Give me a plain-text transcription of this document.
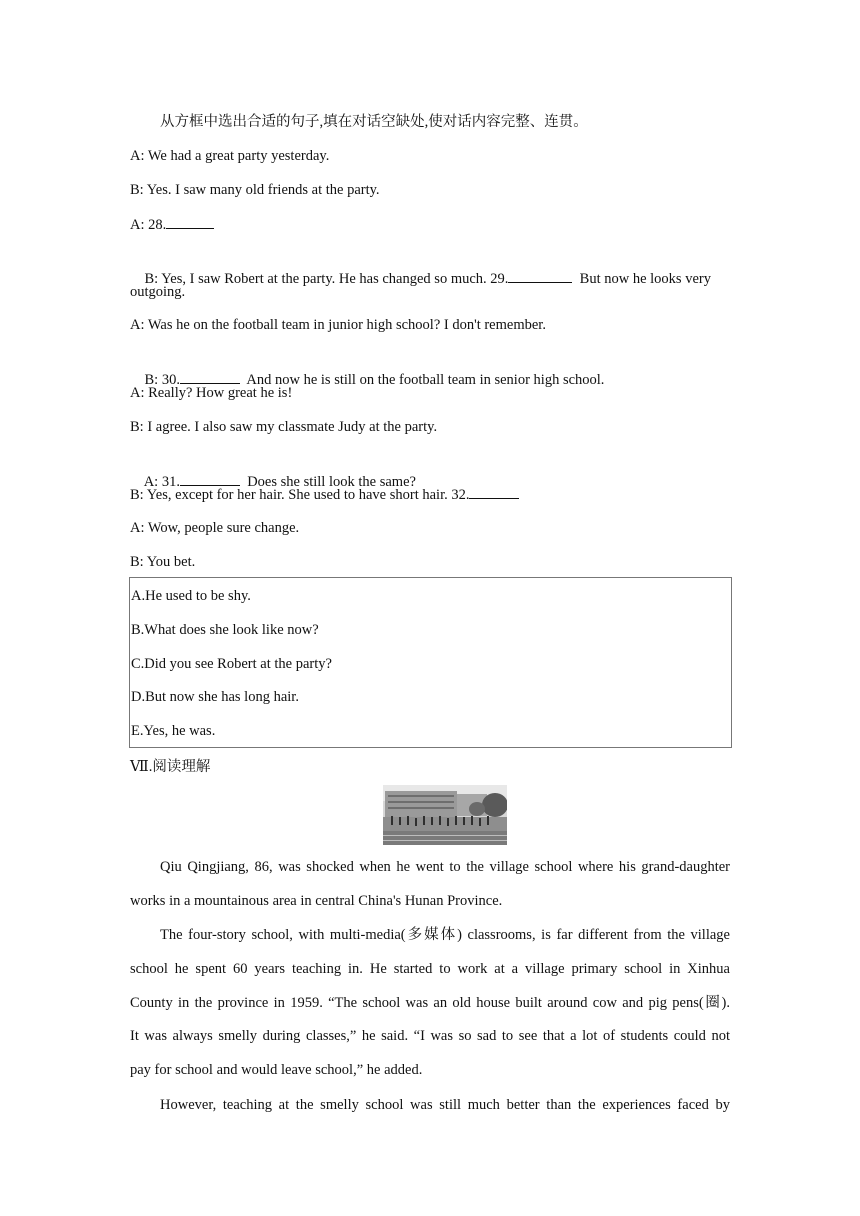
从方框中选出合适的句子,填在对话空缺处,使对话内容完整、连贯。
A: We had a great party yesterday.
B: Yes. I saw many old friends at the party.
A: 28.

B: Yes, I saw Robert at the party. He has changed so much. 29.	But now he looks very

outgoing.
A: Was he on the football team in junior high school? I don't remember.

B: 30.	And now he is still on the football team in senior high school.

A: Really? How great he is!
B: I agree. I also saw my classmate Judy at the party.

A: 31.	Does she still look the same?

B: Yes, except for her hair. She used to have short hair. 32.
A: Wow, people sure change.
B: You bet.
A.He used to be shy.
B.What does she look like now?
C.Did you see Robert at the party?
D.But now she has long hair.
E.Yes, he was.
Ⅶ.阅读理解
Qiu Qingjiang, 86, was shocked when he went to the village school where his grand-daughter
works in a mountainous area in central China's Hunan Province.
The four-story school, with multi-media(多媒体) classrooms, is far different from the village
school he spent 60 years teaching in. He started to work at a village primary school in Xinhua
County in the province in 1959. “The school was an old house built around cow and pig pens(圈).
It was always smelly during classes,” he said. “I was so sad to see that a lot of students could not
pay for school and would leave school,” he added.
However, teaching at the smelly school was still much better than the experiences faced by
